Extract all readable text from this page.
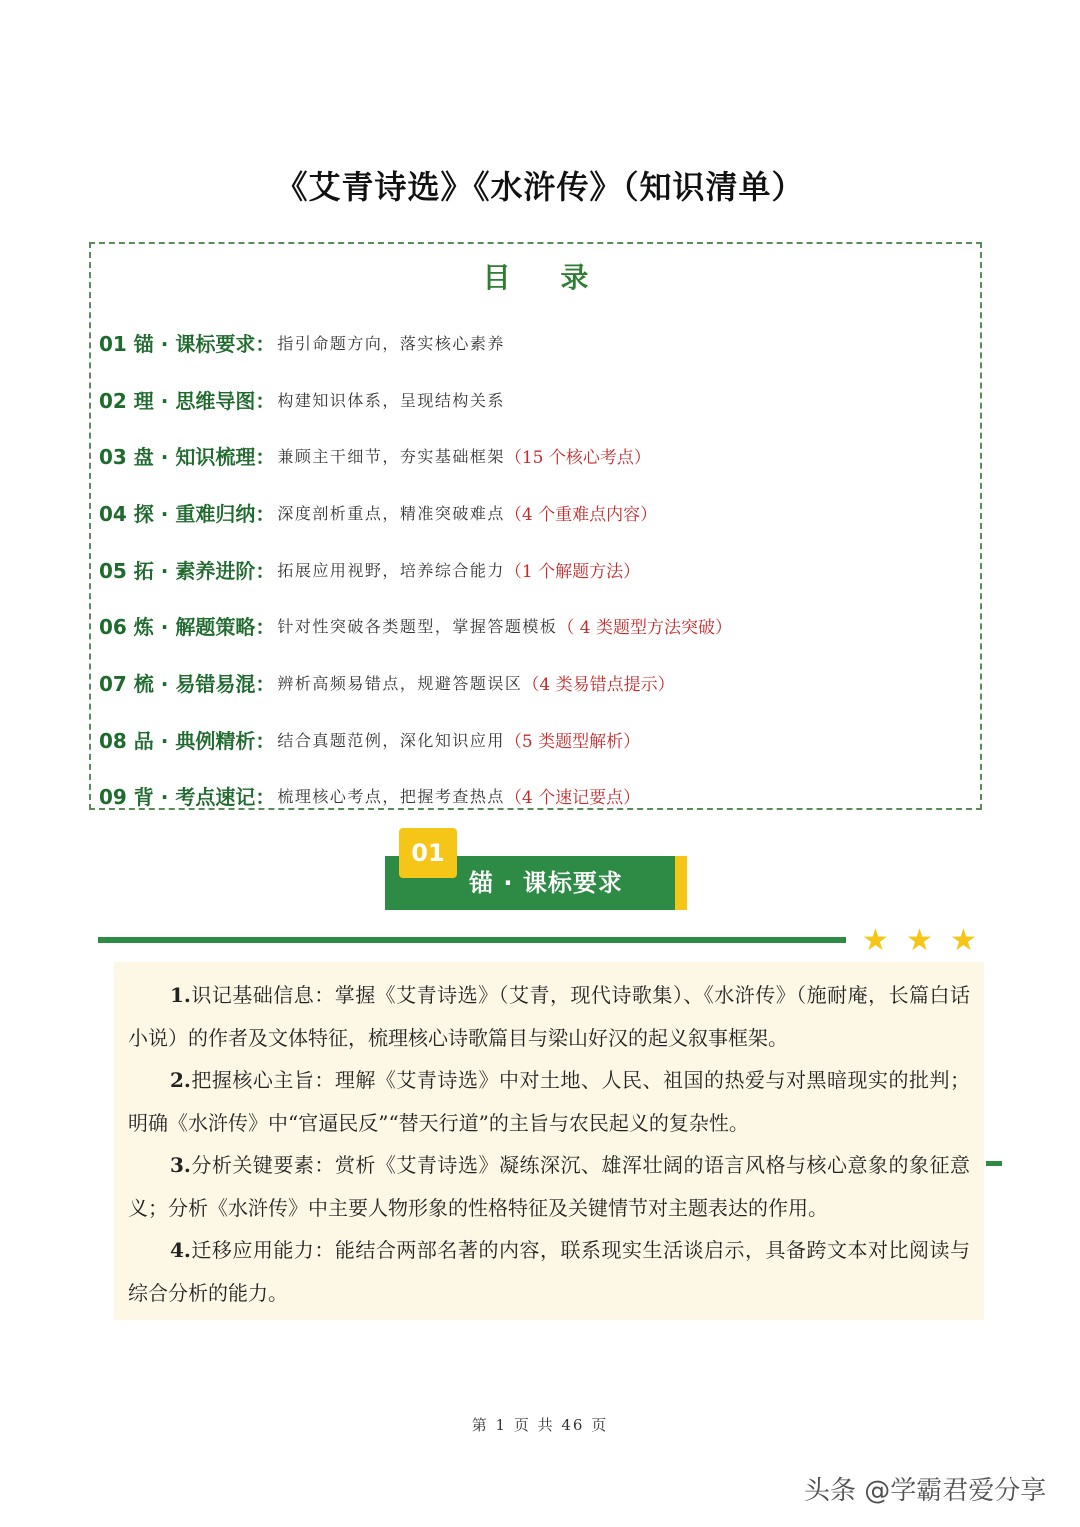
《艾青诗选》《水浒传》（知识清单）
目 录
01 锚 · 课标要求： 指引命题方向，落实核心素养
02 理 · 思维导图： 构建知识体系，呈现结构关系
03 盘 · 知识梳理： 兼顾主干细节，夯实基础框架 （15 个核心考点）
04 探 · 重难归纳： 深度剖析重点，精准突破难点 （4 个重难点内容）
05 拓 · 素养进阶： 拓展应用视野，培养综合能力 （1 个解题方法）
06 炼 · 解题策略： 针对性突破各类题型，掌握答题模板 （ 4 类题型方法突破）
07 梳 · 易错易混： 辨析高频易错点，规避答题误区 （4 类易错点提示）
08 品 · 典例精析： 结合真题范例，深化知识应用 （5 类题型解析）
09 背 · 考点速记： 梳理核心考点，把握考查热点 （4 个速记要点）
01
锚 · 课标要求
★ ★ ★

1.识记基础信息：掌握《艾青诗选》（艾青，现代诗歌集）、《水浒传》（施耐庵，长篇白话小说）的作者及文体特征，梳理核心诗歌篇目与梁山好汉的起义叙事框架。

2.把握核心主旨：理解《艾青诗选》中对土地、人民、祖国的热爱与对黑暗现实的批判；明确《水浒传》中“官逼民反”“替天行道”的主旨与农民起义的复杂性。

3.分析关键要素：赏析《艾青诗选》凝练深沉、雄浑壮阔的语言风格与核心意象的象征意义；分析《水浒传》中主要人物形象的性格特征及关键情节对主题表达的作用。

4.迁移应用能力：能结合两部名著的内容，联系现实生活谈启示，具备跨文本对比阅读与综合分析的能力。

第 1 页 共 46 页
头条 @学霸君爱分享
